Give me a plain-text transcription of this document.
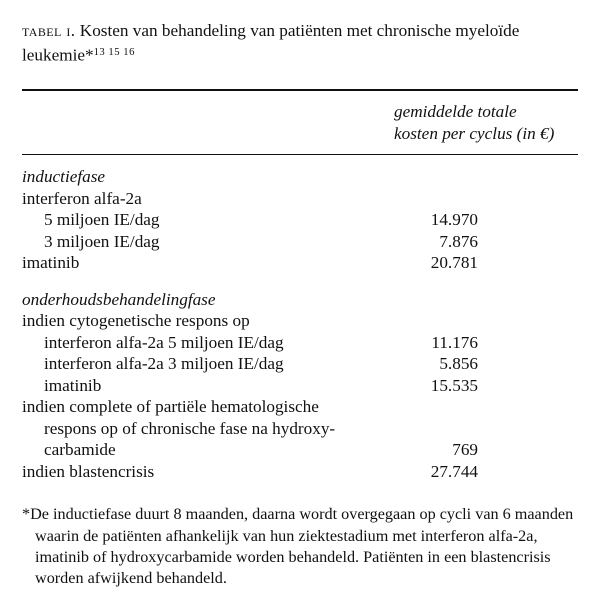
tabel i. Kosten van behandeling van patiënten met chronische myeloïde leukemie*$^{13 15 16}$

gemiddelde totale
kosten per cyclus (in €)
inductiefase		
interferon alfa-2a		
5 miljoen IE/dag	14.970	
3 miljoen IE/dag	7.876	
imatinib	20.781	

onderhoudsbehandelingfase		
indien cytogenetische respons op		
interferon alfa-2a 5 miljoen IE/dag	11.176	
interferon alfa-2a 3 miljoen IE/dag	5.856	
imatinib	15.535	
indien complete of partiële hematologische		
respons op of chronische fase na hydroxy-		
carbamide	769	
indien blastencrisis	27.744	

*De inductiefase duurt 8 maanden, daarna wordt overgegaan op cycli van 6 maanden waarin de patiënten afhankelijk van hun ziektestadium met interferon alfa-2a, imatinib of hydroxycarbamide worden behandeld. Patiënten in een blastencrisis worden afwijkend behandeld.
